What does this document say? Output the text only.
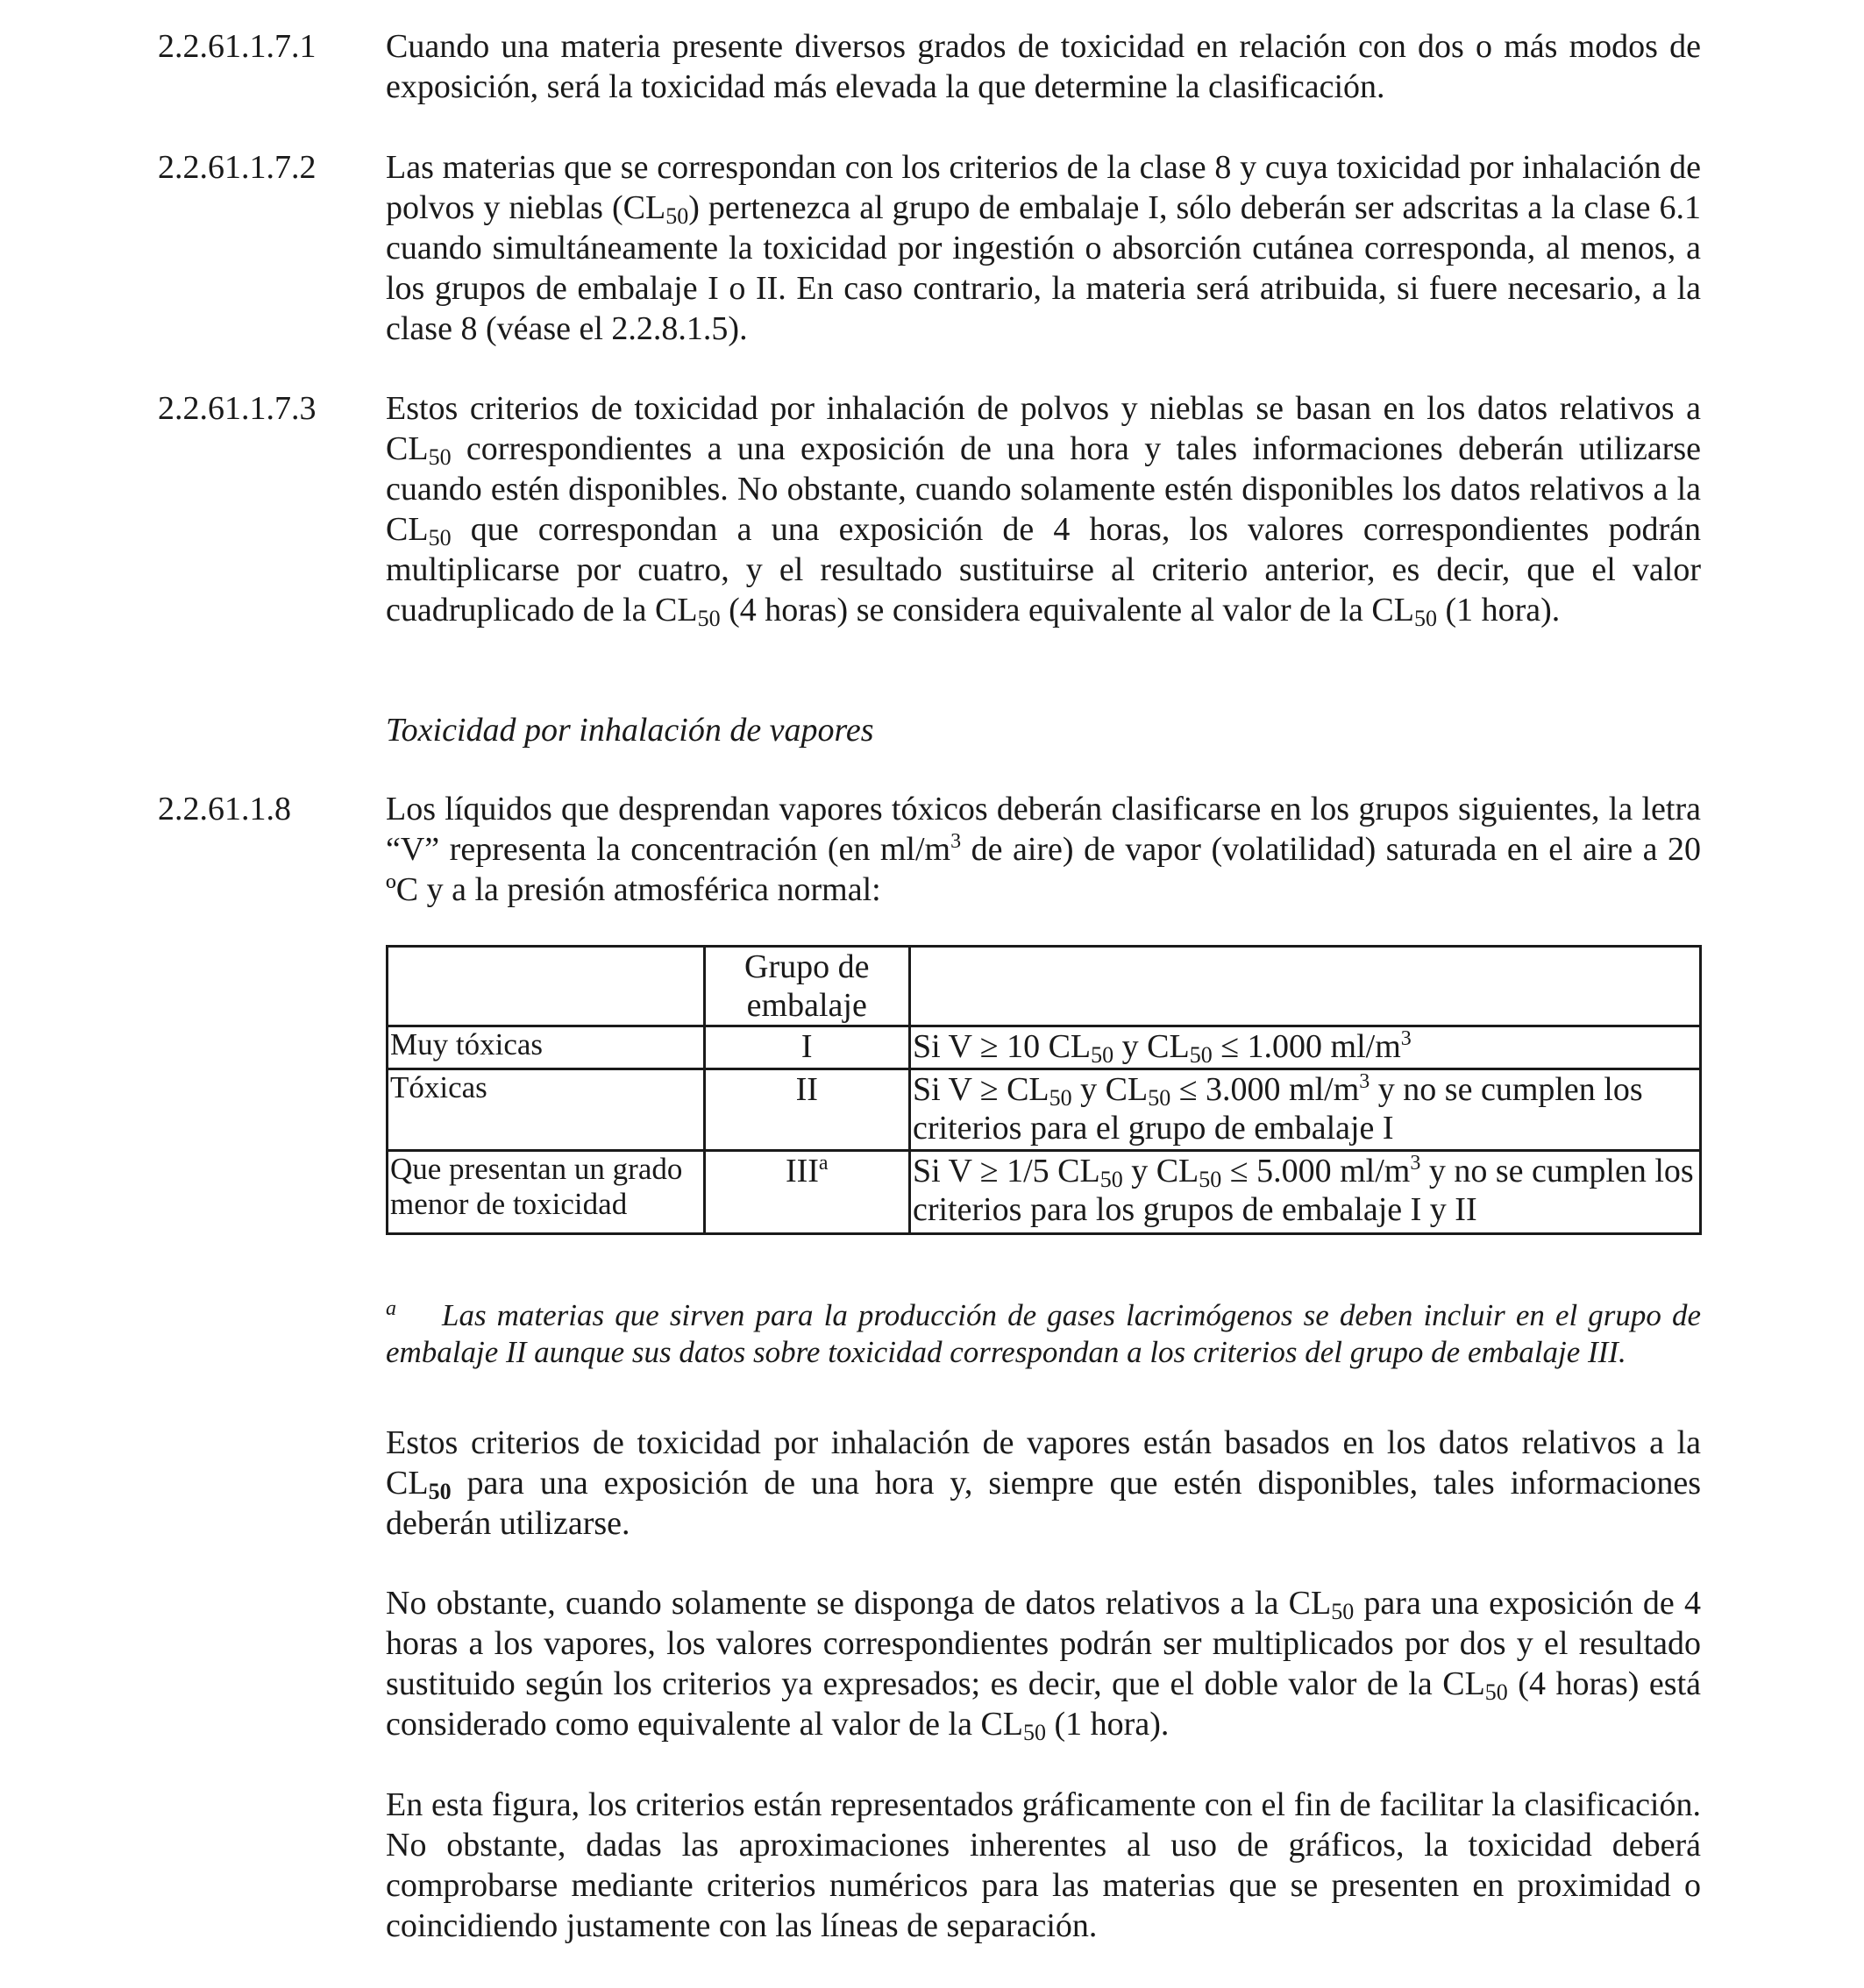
2.2.61.1.7.1 Cuando una materia presente diversos grados de toxicidad en relación con dos o más modos de exposición, será la toxicidad más elevada la que determine la clasificación.
2.2.61.1.7.2 Las materias que se correspondan con los criterios de la clase 8 y cuya toxicidad por inhalación de polvos y nieblas $(CL_{50})$ pertenezca al grupo de embalaje I, sólo deberán ser adscritas a la clase 6.1 cuando simultáneamente la toxicidad por ingestión o absorción cutánea corresponda, al menos, a los grupos de embalaje I o II. En caso contrario, la materia será atribuida, si fuere necesario, a la clase 8 (véase el 2.2.8.1.5).
2.2.61.1.7.3 Estos criterios de toxicidad por inhalación de polvos y nieblas se basan en los datos relativos a $CL_{50}$ correspondientes a una exposición de una hora y tales informaciones deberán utilizarse cuando estén disponibles. No obstante, cuando solamente estén disponibles los datos relativos a la $CL_{50}$ que correspondan a una exposición de 4 horas, los valores correspondientes podrán multiplicarse por cuatro, y el resultado sustituirse al criterio anterior, es decir, que el valor cuadruplicado de la $CL_{50}$ (4 horas) se considera equivalente al valor de la $CL_{50}$ (1 hora).
Toxicidad por inhalación de vapores
2.2.61.1.8	Los líquidos que desprendan vapores tóxicos deberán clasificarse en los grupos siguientes, la letra “V” representa la concentración (en $ml/m^3$ de aire) de vapor (volatilidad) saturada en el aire a 20 ºC y a la presión atmosférica normal:
	Grupo de embalaje	
Muy tóxicas	I	Si V ≥ 10 $CL_{50}$ y $CL_{50} \le 1.000$ $ml/m^3$
Tóxicas	II	Si $V \ge CL_{50}$ y $CL_{50} \le 3.000$ $ml/m^3$ y no se cumplen los criterios para el grupo de embalaje I
Que presentan un grado menor de toxicidad	III$^a$	Si V ≥ 1/5 $CL_{50}$ y $CL_{50} \le 5.000$ $ml/m^3$ y no se cumplen los criterios para los grupos de embalaje I y II
$^a$ Las materias que sirven para la producción de gases lacrimógenos se deben incluir en el grupo de embalaje II aunque sus datos sobre toxicidad correspondan a los criterios del grupo de embalaje III.
Estos criterios de toxicidad por inhalación de vapores están basados en los datos relativos a la $CL_{50}$ para una exposición de una hora y, siempre que estén disponibles, tales informaciones deberán utilizarse.
No obstante, cuando solamente se disponga de datos relativos a la $CL_{50}$ para una exposición de 4 horas a los vapores, los valores correspondientes podrán ser multiplicados por dos y el resultado sustituido según los criterios ya expresados; es decir, que el doble valor de la $CL_{50}$ (4 horas) está considerado como equivalente al valor de la $CL_{50}$ (1 hora).
En esta figura, los criterios están representados gráficamente con el fin de facilitar la clasificación. No obstante, dadas las aproximaciones inherentes al uso de gráficos, la toxicidad deberá comprobarse mediante criterios numéricos para las materias que se presenten en proximidad o coincidiendo justamente con las líneas de separación.
